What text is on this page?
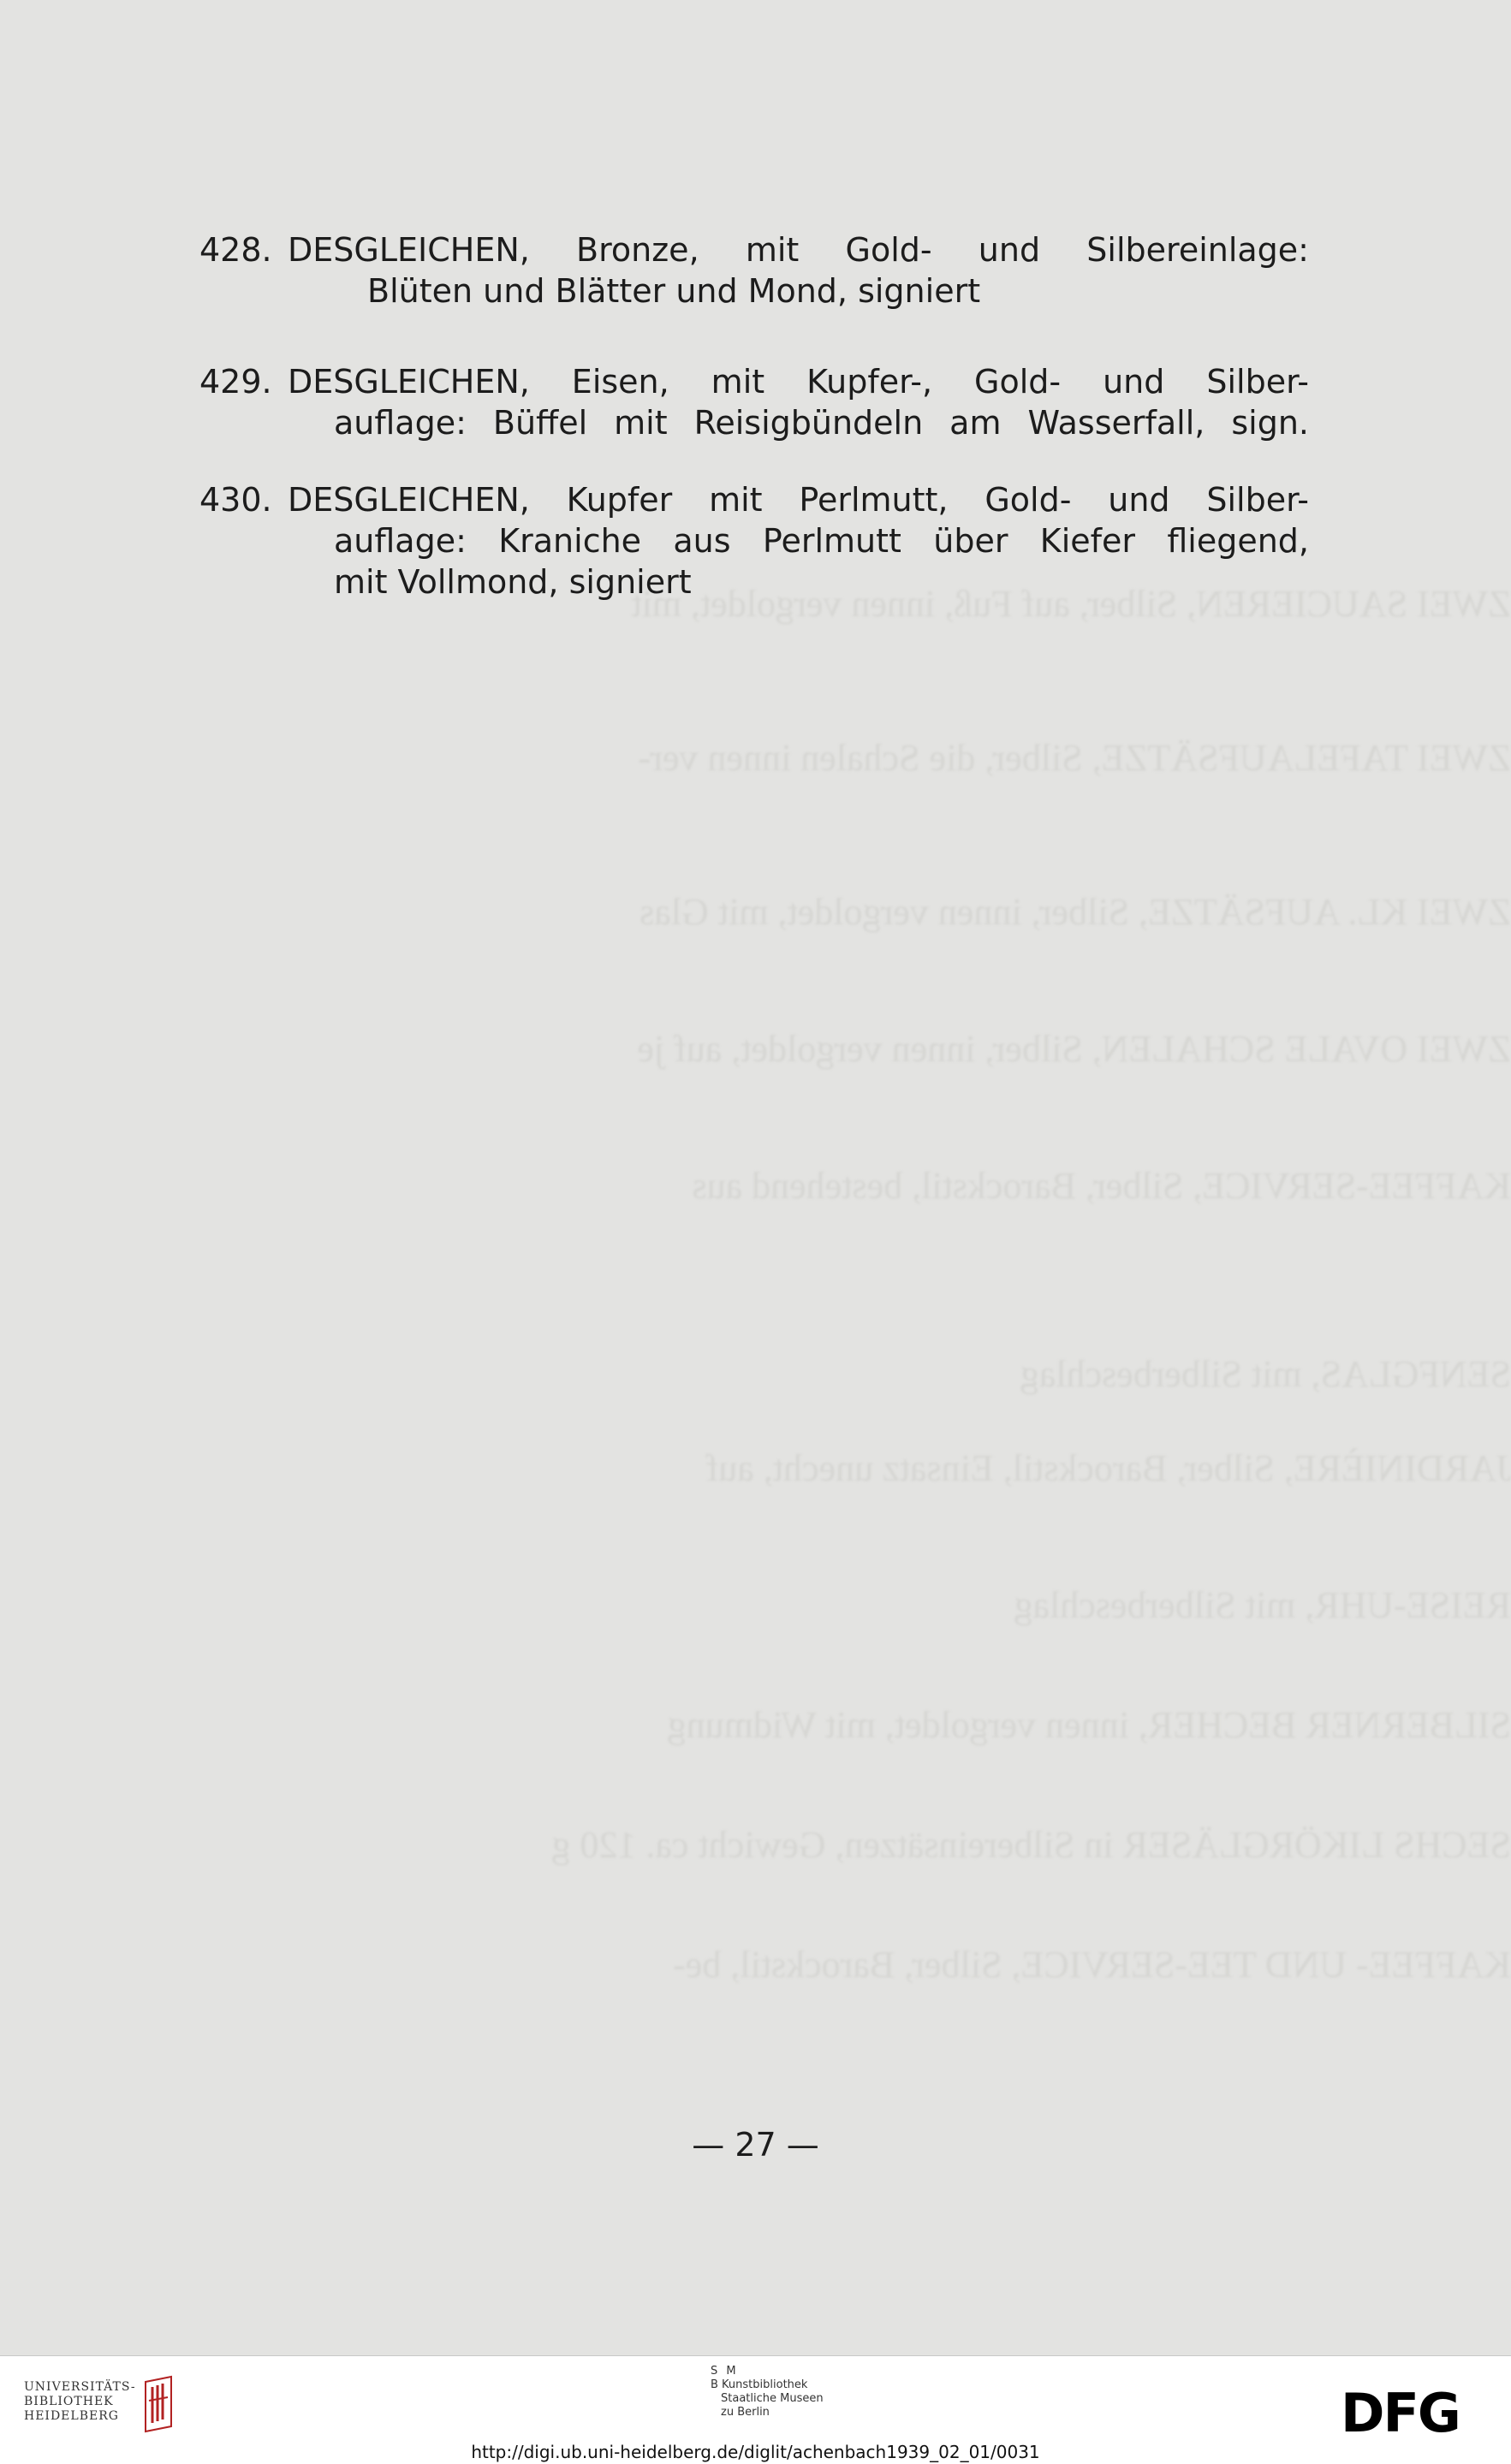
ZWEI SAUCIEREN, Silber, auf Fuß, innen vergoldet, mit
ZWEI TAFELAUFSÄTZE, Silber, die Schalen innen ver-
ZWEI KL. AUFSÄTZE, Silber, innen vergoldet, mit Glas
ZWEI OVALE SCHALEN, Silber, innen vergoldet, auf je
KAFFEE-SERVICE, Silber, Barockstil, bestehend aus
SENFGLAS, mit Silberbeschlag
JARDINIÈRE, Silber, Barockstil, Einsatz unecht, auf
REISE-UHR, mit Silberbeschlag
SILBERNER BECHER, innen vergoldet, mit Widmung
SECHS LIKÖRGLÄSER in Silbereinsätzen, Gewicht ca. 120 g
KAFFEE- UND TEE-SERVICE, Silber, Barockstil, be-
428. DESGLEICHEN, Bronze, mit Gold- und Silbereinlage:
Blüten und Blätter und Mond, signiert
429. DESGLEICHEN, Eisen, mit Kupfer-, Gold- und Silber-
auflage: Büffel mit Reisigbündeln am Wasserfall, sign.
430. DESGLEICHEN, Kupfer mit Perlmutt, Gold- und Silber-
auflage: Kraniche aus Perlmutt über Kiefer fliegend,
mit Vollmond, signiert
— 27 —
UNIVERSITÄTS-
BIBLIOTHEK
HEIDELBERG
S M
B Kunstbibliothek
Staatliche Museen
zu Berlin	DFG
http://digi.ub.uni-heidelberg.de/diglit/achenbach1939_02_01/0031
